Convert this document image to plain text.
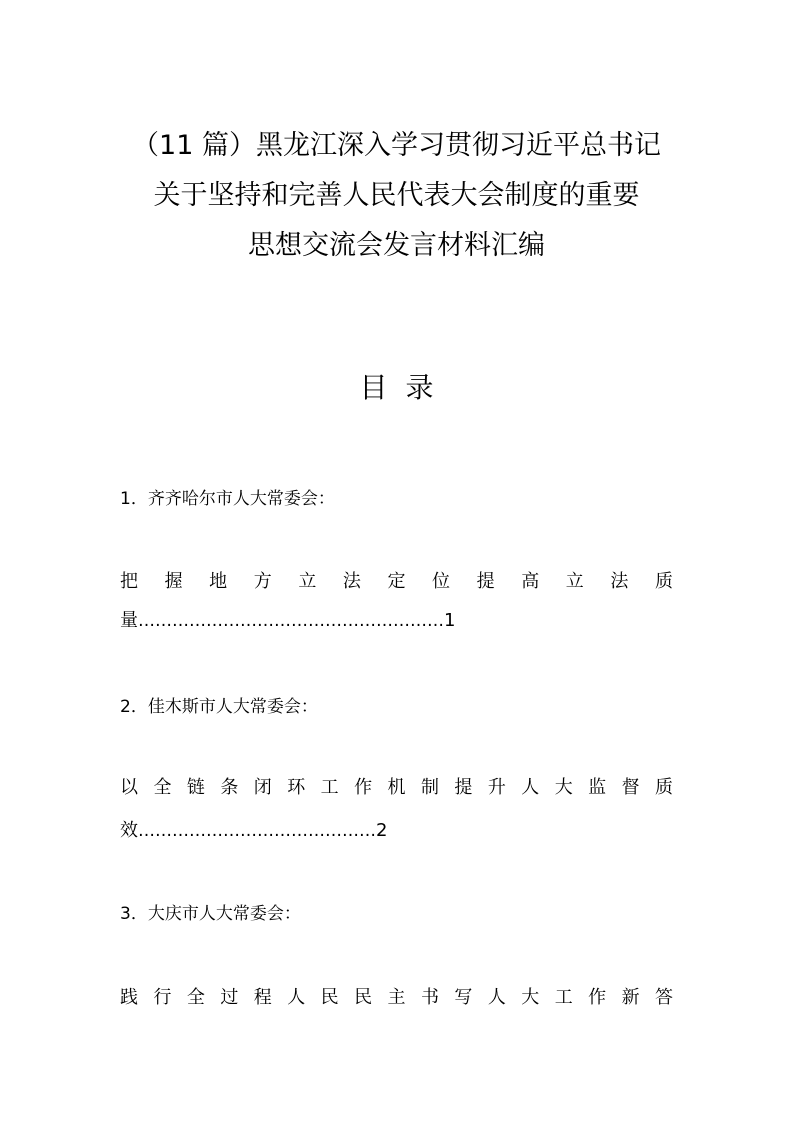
（11 篇）黑龙江深入学习贯彻习近平总书记
关于坚持和完善人民代表大会制度的重要
思想交流会发言材料汇编
目录
1．齐齐哈尔市人大常委会：
把 握 地 方 立 法 定 位 提 高 立 法 质
量………………………………………………1
2．佳木斯市人大常委会：
以 全 链 条 闭 环 工 作 机 制 提 升 人 大 监 督 质
效……………………………………2
3．大庆市人大常委会：
践 行 全 过 程 人 民 民 主 书 写 人 大 工 作 新 答
